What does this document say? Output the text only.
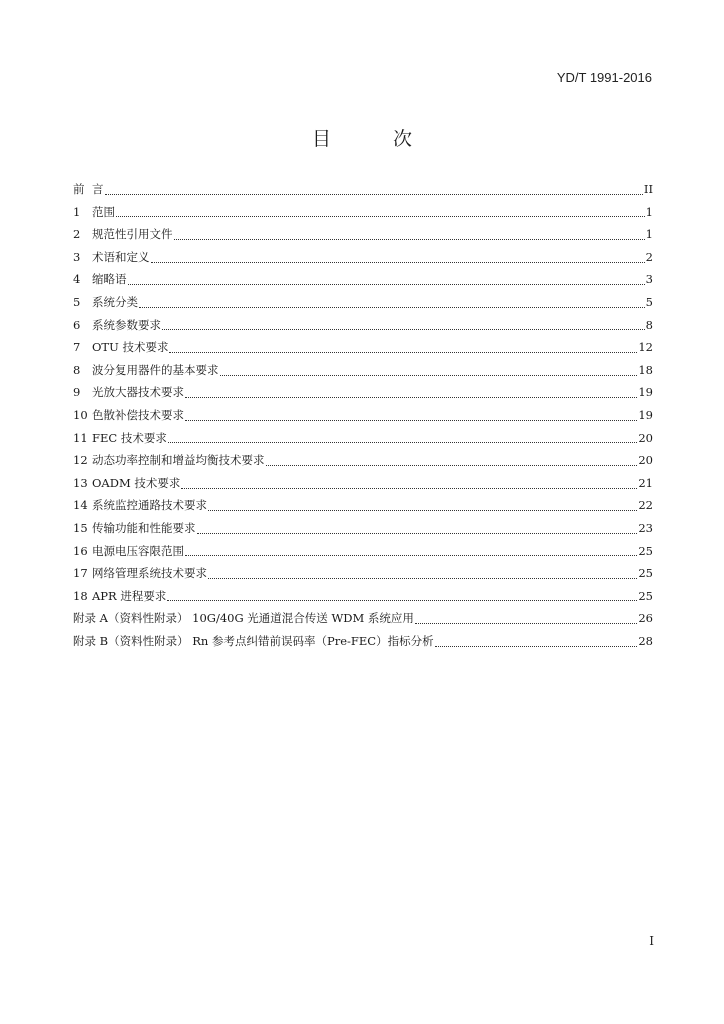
YD/T 1991-2016
目 次
前 言	II
1	范围	1
2	规范性引用文件	1
3	术语和定义	2
4	缩略语	3
5	系统分类	5
6	系统参数要求	8
7	OTU 技术要求	12
8	波分复用器件的基本要求	18
9	光放大器技术要求	19
10 色散补偿技术要求	19
11 FEC 技术要求	20
12 动态功率控制和增益均衡技术要求	20
13 OADM 技术要求	21
14 系统监控通路技术要求	22
15 传输功能和性能要求	23
16 电源电压容限范围	25
17 网络管理系统技术要求	25
18 APR 进程要求	25
附录 A （资料性附录） 10G/40G 光通道混合传送 WDM 系统应用	26
附录 B （资料性附录） Rn 参考点纠错前误码率（Pre-FEC）指标分析	28
I
